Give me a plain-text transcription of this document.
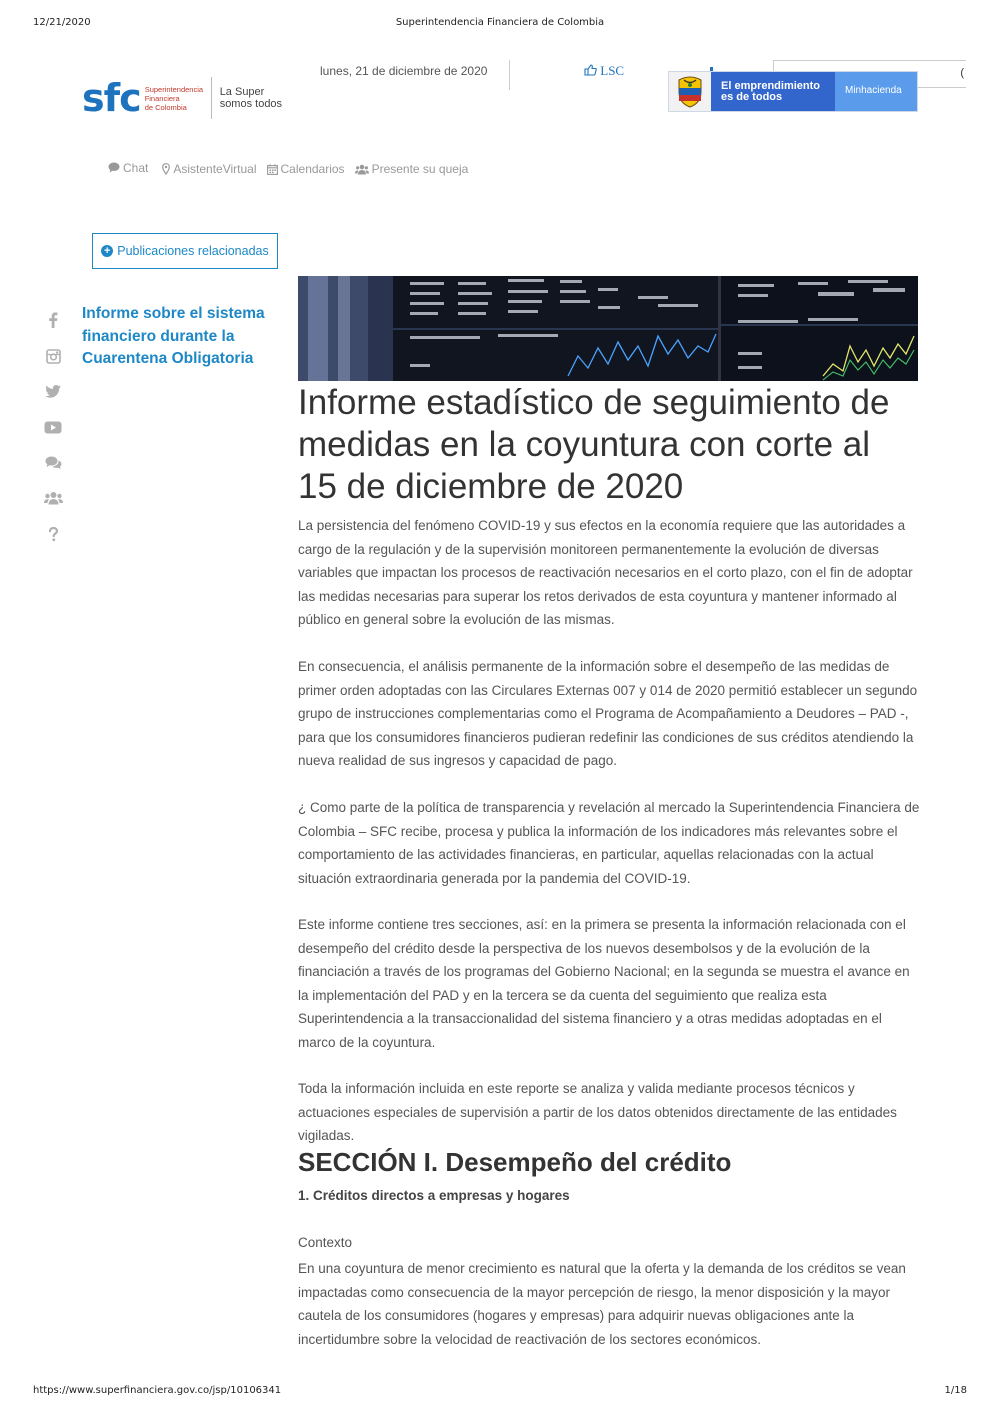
12/21/2020	Superintendencia Financiera de Colombia
sfc Superintendencia
Financiera
de Colombia
La Super
somos todos
lunes, 21 de diciembre de 2020	LSC	(
El emprendimiento
es de todos
Minhacienda
Chat AsistenteVirtual Calendarios Presente su queja
+ Publicaciones relacionadas
Informe sobre el sistema financiero durante la Cuarentena Obligatoria
Informe estadístico de seguimiento de medidas en la coyuntura con corte al 15 de diciembre de 2020

La persistencia del fenómeno COVID-19 y sus efectos en la economía requiere que las autoridades a cargo de la regulación y de la supervisión monitoreen permanentemente la evolución de diversas variables que impactan los procesos de reactivación necesarios en el corto plazo, con el fin de adoptar las medidas necesarias para superar los retos derivados de esta coyuntura y mantener informado al público en general sobre la evolución de las mismas.

En consecuencia, el análisis permanente de la información sobre el desempeño de las medidas de primer orden adoptadas con las Circulares Externas 007 y 014 de 2020 permitió establecer un segundo grupo de instrucciones complementarias como el Programa de Acompañamiento a Deudores – PAD -, para que los consumidores financieros pudieran redefinir las condiciones de sus créditos atendiendo la nueva realidad de sus ingresos y capacidad de pago.

¿ Como parte de la política de transparencia y revelación al mercado la Superintendencia Financiera de Colombia – SFC recibe, procesa y publica la información de los indicadores más relevantes sobre el comportamiento de las actividades financieras, en particular, aquellas relacionadas con la actual situación extraordinaria generada por la pandemia del COVID-19.

Este informe contiene tres secciones, así: en la primera se presenta la información relacionada con el desempeño del crédito desde la perspectiva de los nuevos desembolsos y de la evolución de la financiación a través de los programas del Gobierno Nacional; en la segunda se muestra el avance en la implementación del PAD y en la tercera se da cuenta del seguimiento que realiza esta Superintendencia a la transaccionalidad del sistema financiero y a otras medidas adoptadas en el marco de la coyuntura.

Toda la información incluida en este reporte se analiza y valida mediante procesos técnicos y actuaciones especiales de supervisión a partir de los datos obtenidos directamente de las entidades vigiladas.

SECCIÓN I. Desempeño del crédito
1. Créditos directos a empresas y hogares
Contexto

En una coyuntura de menor crecimiento es natural que la oferta y la demanda de los créditos se vean impactadas como consecuencia de la mayor percepción de riesgo, la menor disposición y la mayor cautela de los consumidores (hogares y empresas) para adquirir nuevas obligaciones ante la incertidumbre sobre la velocidad de reactivación de los sectores económicos.

https://www.superfinanciera.gov.co/jsp/10106341	1/18
